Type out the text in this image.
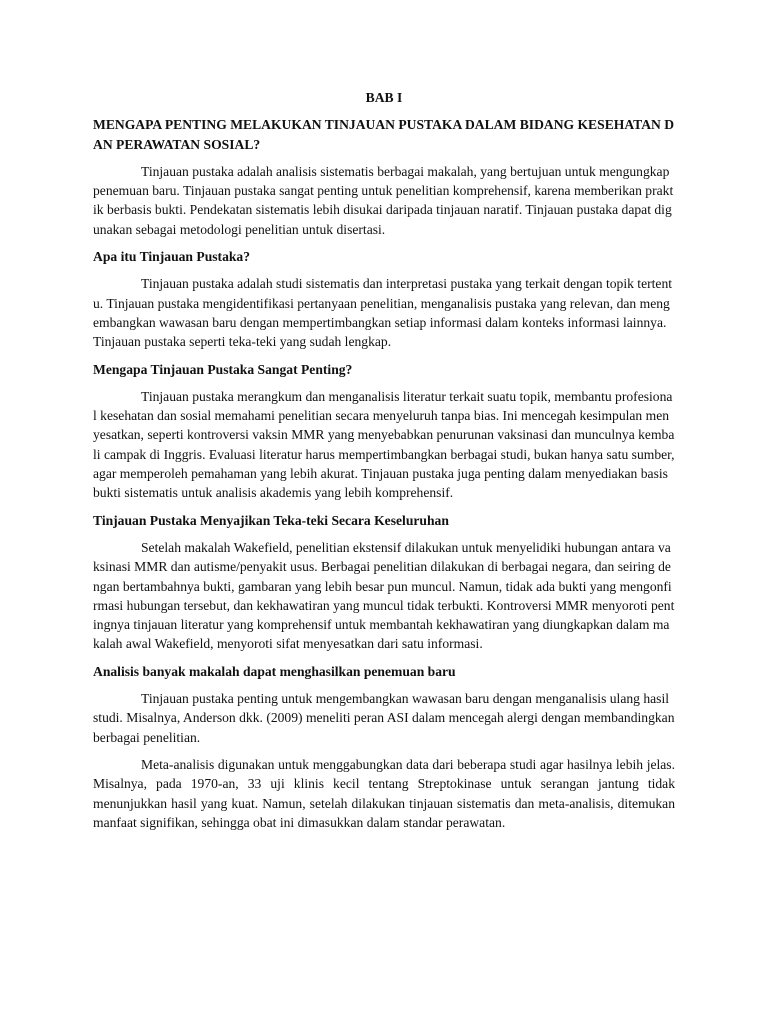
BAB I
MENGAPA PENTING MELAKUKAN TINJAUAN PUSTAKA DALAM BIDANG KESEHATAN DAN PERAWATAN SOSIAL?

Tinjauan pustaka adalah analisis sistematis berbagai makalah, yang bertujuan untuk mengungkap penemuan baru. Tinjauan pustaka sangat penting untuk penelitian komprehensif, karena memberikan praktik berbasis bukti. Pendekatan sistematis lebih disukai daripada tinjauan naratif. Tinjauan pustaka dapat digunakan sebagai metodologi penelitian untuk disertasi.

Apa itu Tinjauan Pustaka?

Tinjauan pustaka adalah studi sistematis dan interpretasi pustaka yang terkait dengan topik tertentu. Tinjauan pustaka mengidentifikasi pertanyaan penelitian, menganalisis pustaka yang relevan, dan mengembangkan wawasan baru dengan mempertimbangkan setiap informasi dalam konteks informasi lainnya. Tinjauan pustaka seperti teka-teki yang sudah lengkap.

Mengapa Tinjauan Pustaka Sangat Penting?

Tinjauan pustaka merangkum dan menganalisis literatur terkait suatu topik, membantu profesional kesehatan dan sosial memahami penelitian secara menyeluruh tanpa bias. Ini mencegah kesimpulan menyesatkan, seperti kontroversi vaksin MMR yang menyebabkan penurunan vaksinasi dan munculnya kembali campak di Inggris. Evaluasi literatur harus mempertimbangkan berbagai studi, bukan hanya satu sumber, agar memperoleh pemahaman yang lebih akurat. Tinjauan pustaka juga penting dalam menyediakan basis bukti sistematis untuk analisis akademis yang lebih komprehensif.

Tinjauan Pustaka Menyajikan Teka-teki Secara Keseluruhan

Setelah makalah Wakefield, penelitian ekstensif dilakukan untuk menyelidiki hubungan antara vaksinasi MMR dan autisme/penyakit usus. Berbagai penelitian dilakukan di berbagai negara, dan seiring dengan bertambahnya bukti, gambaran yang lebih besar pun muncul. Namun, tidak ada bukti yang mengonfirmasi hubungan tersebut, dan kekhawatiran yang muncul tidak terbukti. Kontroversi MMR menyoroti pentingnya tinjauan literatur yang komprehensif untuk membantah kekhawatiran yang diungkapkan dalam makalah awal Wakefield, menyoroti sifat menyesatkan dari satu informasi.

Analisis banyak makalah dapat menghasilkan penemuan baru

Tinjauan pustaka penting untuk mengembangkan wawasan baru dengan menganalisis ulang hasil studi. Misalnya, Anderson dkk. (2009) meneliti peran ASI dalam mencegah alergi dengan membandingkan berbagai penelitian.

Meta-analisis digunakan untuk menggabungkan data dari beberapa studi agar hasilnya lebih jelas. Misalnya, pada 1970-an, 33 uji klinis kecil tentang Streptokinase untuk serangan jantung tidak menunjukkan hasil yang kuat. Namun, setelah dilakukan tinjauan sistematis dan meta-analisis, ditemukan manfaat signifikan, sehingga obat ini dimasukkan dalam standar perawatan.
